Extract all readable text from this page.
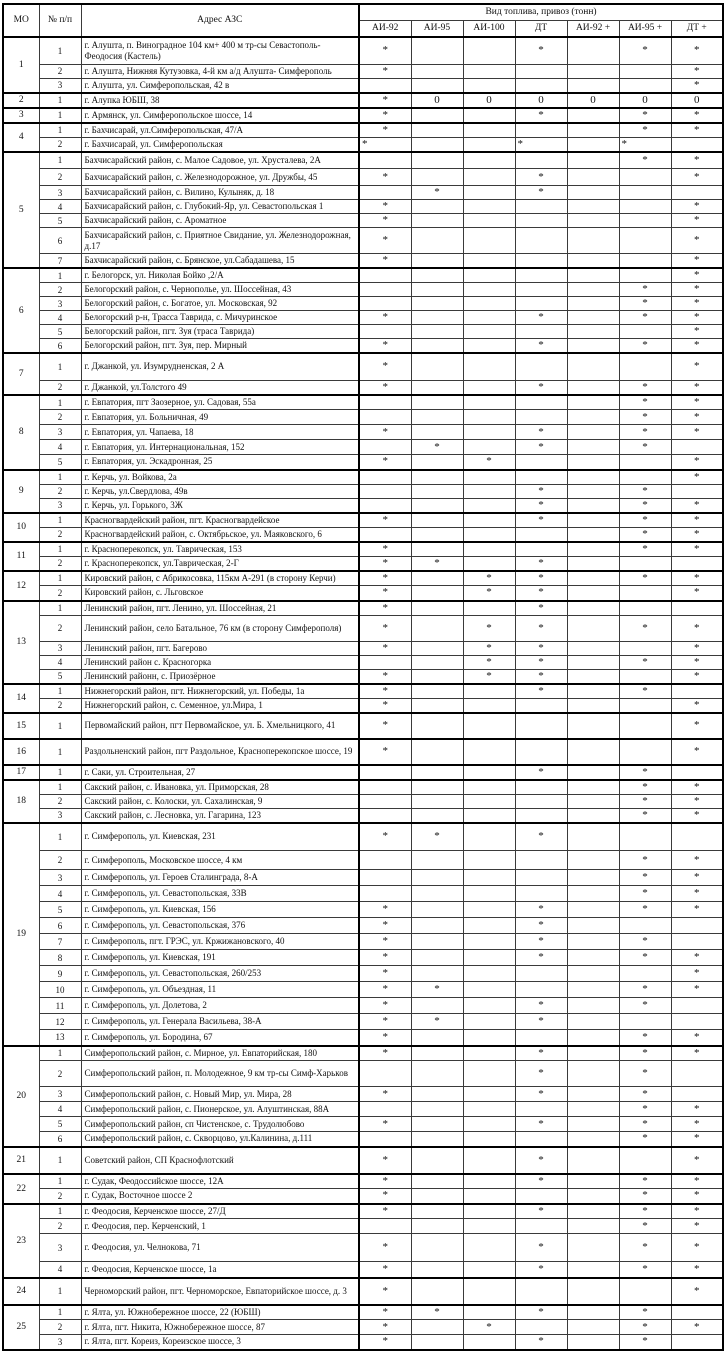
МО	№ п/п	Адрес АЗС	Вид топлива, привоз (тонн)						
			АИ-92	АИ-95	АИ-100	ДТ	АИ-92 +	АИ-95 +	ДТ +
1	1	г. Алушта, п. Виноградное 104 км+ 400 м тр-сы Севастополь-Феодосия (Кастель)	*			*		*	*
	2	г. Алушта, Нижняя Кутузовка, 4-й км а/д Алушта- Симферополь	*						*
	3	г. Алушта, ул. Симферопольская, 42 в							*
2	1	г. Алупка ЮБШ, 38	*	0	0	0	0	0	0
3	1	г. Армянск, ул. Симферопольское шоссе, 14	*			*		*	*
4	1	г. Бахчисарай, ул.Симферопольская, 47/А	*					*	*
	2	г. Бахчисарай, ул. Симферопольская	*			*		*	
5	1	Бахчисарайский район, с. Малое Садовое, ул. Хрусталева, 2А						*	*
	2	Бахчисарайский район, с. Железнодорожное, ул. Дружбы, 45	*			*			*
	3	Бахчисарайский район, с. Вилино, Кулыняк, д. 18		*		*			
	4	Бахчисарайский район, с. Глубокий-Яр, ул. Севастопольская 1	*						*
	5	Бахчисарайский район, с. Ароматное	*						*
	6	Бахчисарайский район, с. Приятное Свидание, ул. Железнодорожная, д.17	*						*
	7	Бахчисарайский район, с. Брянское, ул.Сабадашева, 15	*						*
6	1	г. Белогорск, ул. Николая Бойко ,2/А							*
	2	Белогорский район, с. Чернополье, ул. Шоссейная, 43						*	*
	3	Белогорский район, с. Богатое, ул. Московская, 92						*	*
	4	Белогорский р-н, Трасса Таврида, с. Мичуринское	*			*		*	*
	5	Белогорский район, пгт. Зуя (траса Таврида)							*
	6	Белогорский район, пгт. Зуя, пер. Мирный	*			*		*	*
7	1	г. Джанкой, ул. Изумрудненская, 2 А	*						*
	2	г. Джанкой, ул.Толстого 49	*			*		*	*
8	1	г. Евпатория, пгт Заозерное, ул. Садовая, 55а						*	*
	2	г. Евпатория, ул. Больничная, 49						*	*
	3	г. Евпатория, ул. Чапаева, 18	*			*		*	*
	4	г. Евпатория, ул. Интернациональная, 152		*		*		*	
	5	г. Евпатория, ул. Эскадронная, 25	*		*				*
9	1	г. Керчь, ул. Войкова, 2а							*
	2	г. Керчь, ул.Свердлова, 49в				*		*	
	3	г. Керчь, ул. Горького, 3Ж				*		*	*
10	1	Красногвардейский район, пгт. Красногвардейское	*			*		*	*
	2	Красногвардейский район, с. Октябрьское, ул. Маяковского, 6						*	*
11	1	г. Красноперекопск, ул. Таврическая, 153	*					*	*
	2	г. Красноперекопск, ул.Таврическая, 2-Г	*	*		*			
12	1	Кировский район, с Абрикосовка, 115км А-291 (в сторону Керчи)	*		*	*		*	*
	2	Кировский район, с. Льговское	*		*	*			*
13	1	Ленинский район, пгт. Ленино, ул. Шоссейная, 21	*			*			
	2	Ленинский район, село Батальное, 76 км (в сторону Симферополя)	*		*	*		*	*
	3	Ленинский район, пгт. Багерово	*		*	*			*
	4	Ленинский район с. Красногорка			*	*		*	*
	5	Ленинский районн, с. Приозёрное	*		*	*			*
14	1	Нижнегорский район, пгт. Нижнегорский, ул. Победы, 1а	*			*		*	
	2	Нижнегорский район, с. Семенное, ул.Мира, 1	*						*
15	1	Первомайский район, пгт Первомайское, ул. Б. Хмельницкого, 41	*						*
16	1	Раздольненский район, пгт Раздольное, Красноперекопское шоссе, 19	*						*
17	1	г. Саки, ул. Строительная, 27				*		*	
18	1	Сакский район, с. Ивановка, ул. Приморская, 28						*	*
	2	Сакский район, с. Колоски, ул. Сахалинская, 9						*	*
	3	Сакский район, с. Лесновка, ул. Гагарина, 123						*	*
19	1	г. Симферополь, ул. Киевская, 231	*	*		*			
	2	г. Симферополь, Московское шоссе, 4 км						*	*
	3	г. Симферополь, ул. Героев Сталинграда, 8-А						*	*
	4	г. Симферополь, ул. Севастопольская, 33В						*	*
	5	г. Симферополь, ул. Киевская, 156	*			*		*	*
	6	г. Симферополь, ул. Севастопольская, 376	*			*			
	7	г. Симферополь, пгт. ГРЭС, ул. Кржижановского, 40	*			*		*	
	8	г. Симферополь, ул. Киевская, 191	*			*		*	*
	9	г. Симферополь, ул. Севастопольская, 260/253	*						*
	10	г. Симферополь, ул. Объездная, 11	*	*				*	*
	11	г. Симферополь, ул. Долетова, 2	*			*		*	
	12	г. Симферополь, ул. Генерала Васильева, 38-А	*	*		*			
	13	г. Симферополь, ул. Бородина, 67	*					*	*
20	1	Симферопольский район, с. Мирное, ул. Евпаторийская, 180	*			*		*	*
	2	Симферопольский район, п. Молодежное, 9 км тр-сы Симф-Харьков				*		*	
	3	Симферопольский район, с. Новый Мир, ул. Мира, 28	*			*		*	
	4	Симферопольский район, с. Пионерское, ул. Алуштинская, 88А						*	*
	5	Симферопольский район, сп Чистенское, с. Трудолюбово	*			*		*	*
	6	Симферопольский район, с. Скворцово, ул.Калинина, д.111						*	*
21	1	Советский район, СП Краснофлотский	*			*			*
22	1	г. Судак, Феодоссийское шоссе, 12А	*			*		*	*
	2	г. Судак, Восточное шоссе 2	*					*	*
23	1	г. Феодосия, Керченское шоссе, 27/Д	*			*		*	*
	2	г. Феодосия, пер. Керченский, 1						*	*
	3	г. Феодосия, ул. Челнокова, 71	*			*		*	*
	4	г. Феодосия, Керченское шоссе, 1а	*			*		*	*
24	1	Черноморский район, пгт. Черноморское, Евпаторийское шоссе, д. 3	*						*
25	1	г. Ялта, ул. Южнобережное шоссе, 22 (ЮБШ)	*	*		*		*	
	2	г. Ялта, пгт. Никита, Южнобережное шоссе, 87	*		*			*	*
	3	г. Ялта, пгт. Кореиз, Кореизское шоссе, 3	*			*		*	
